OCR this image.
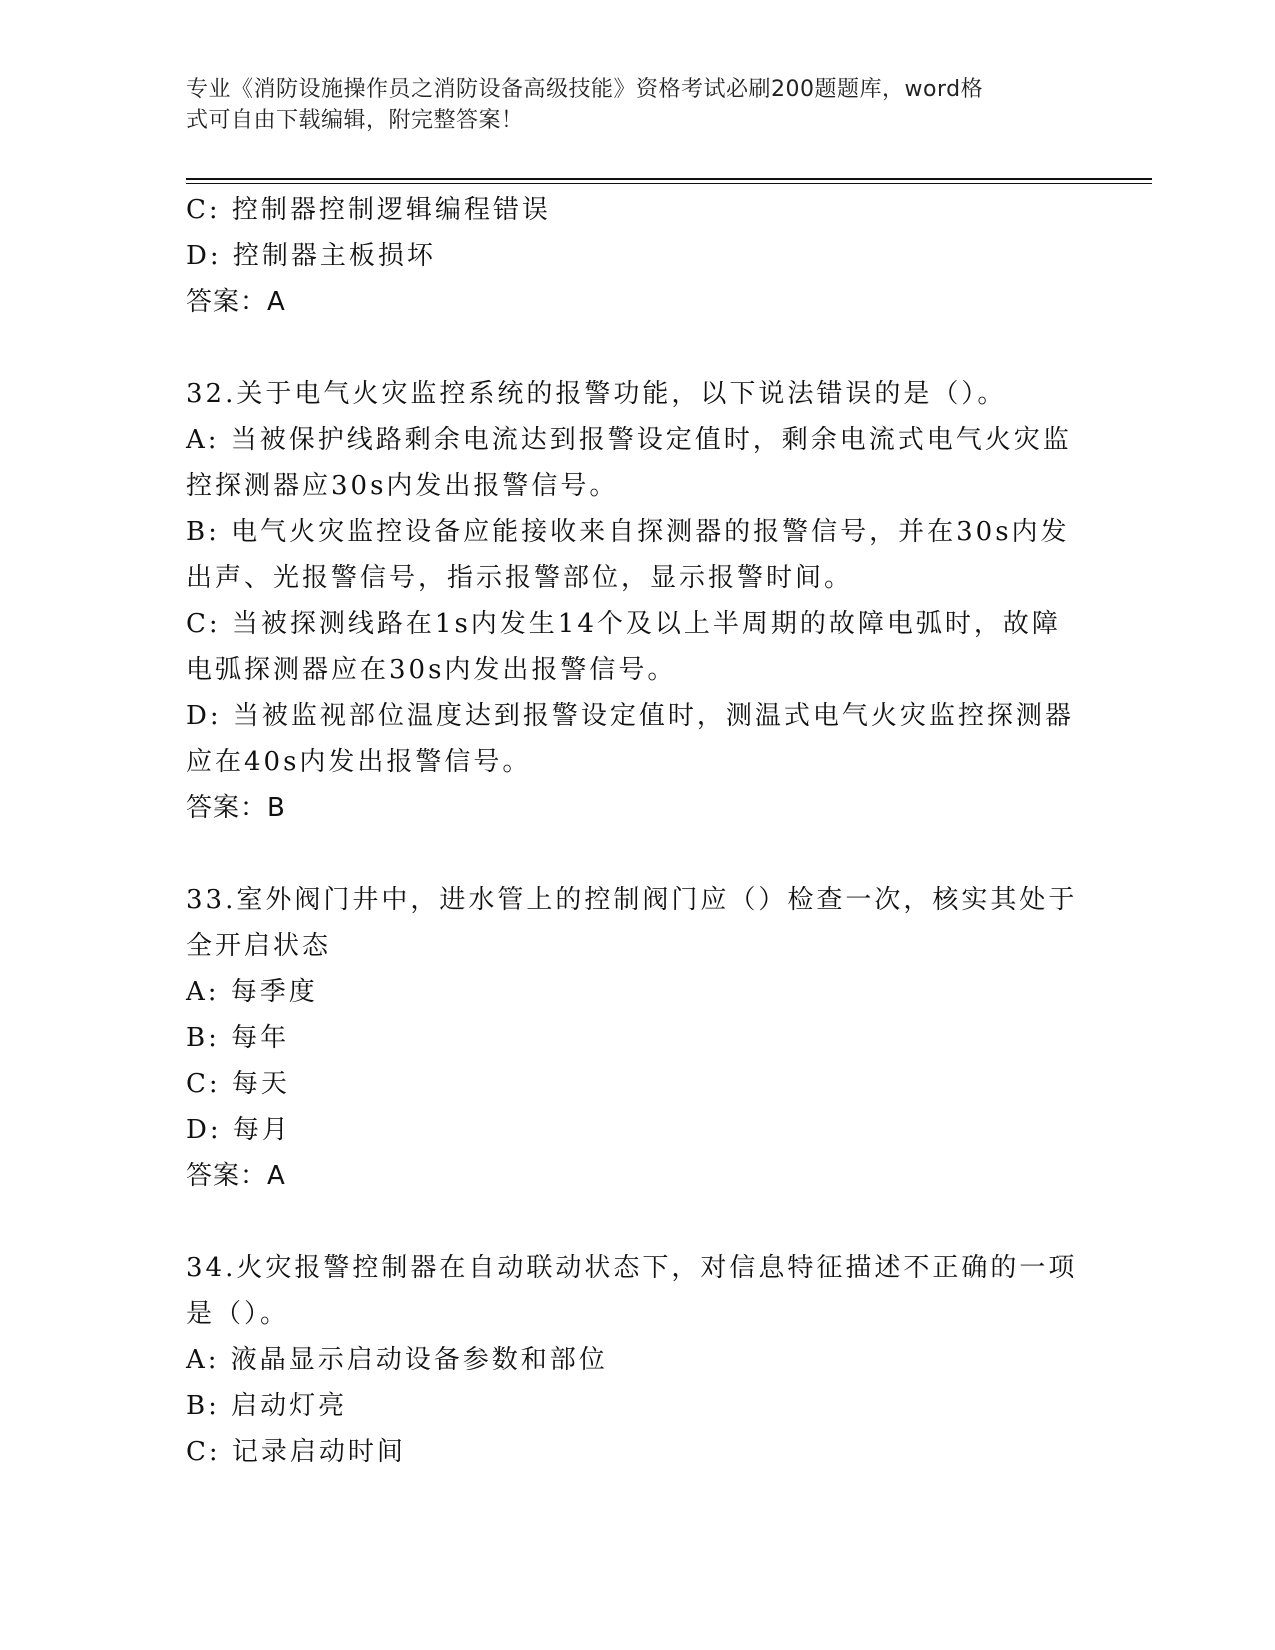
专业《消防设施操作员之消防设备高级技能》资格考试必刷200题题库，word格
式可自由下载编辑，附完整答案！
C: 控制器控制逻辑编程错误
D: 控制器主板损坏
答案：A
32.关于电气火灾监控系统的报警功能，以下说法错误的是（）。
A: 当被保护线路剩余电流达到报警设定值时，剩余电流式电气火灾监
控探测器应30s内发出报警信号。
B: 电气火灾监控设备应能接收来自探测器的报警信号，并在30s内发
出声、光报警信号，指示报警部位，显示报警时间。
C: 当被探测线路在1s内发生14个及以上半周期的故障电弧时，故障
电弧探测器应在30s内发出报警信号。
D: 当被监视部位温度达到报警设定值时，测温式电气火灾监控探测器
应在40s内发出报警信号。
答案：B
33.室外阀门井中，进水管上的控制阀门应（）检查一次，核实其处于
全开启状态
A: 每季度
B: 每年
C: 每天
D: 每月
答案：A
34.火灾报警控制器在自动联动状态下，对信息特征描述不正确的一项
是（）。
A: 液晶显示启动设备参数和部位
B: 启动灯亮
C: 记录启动时间
